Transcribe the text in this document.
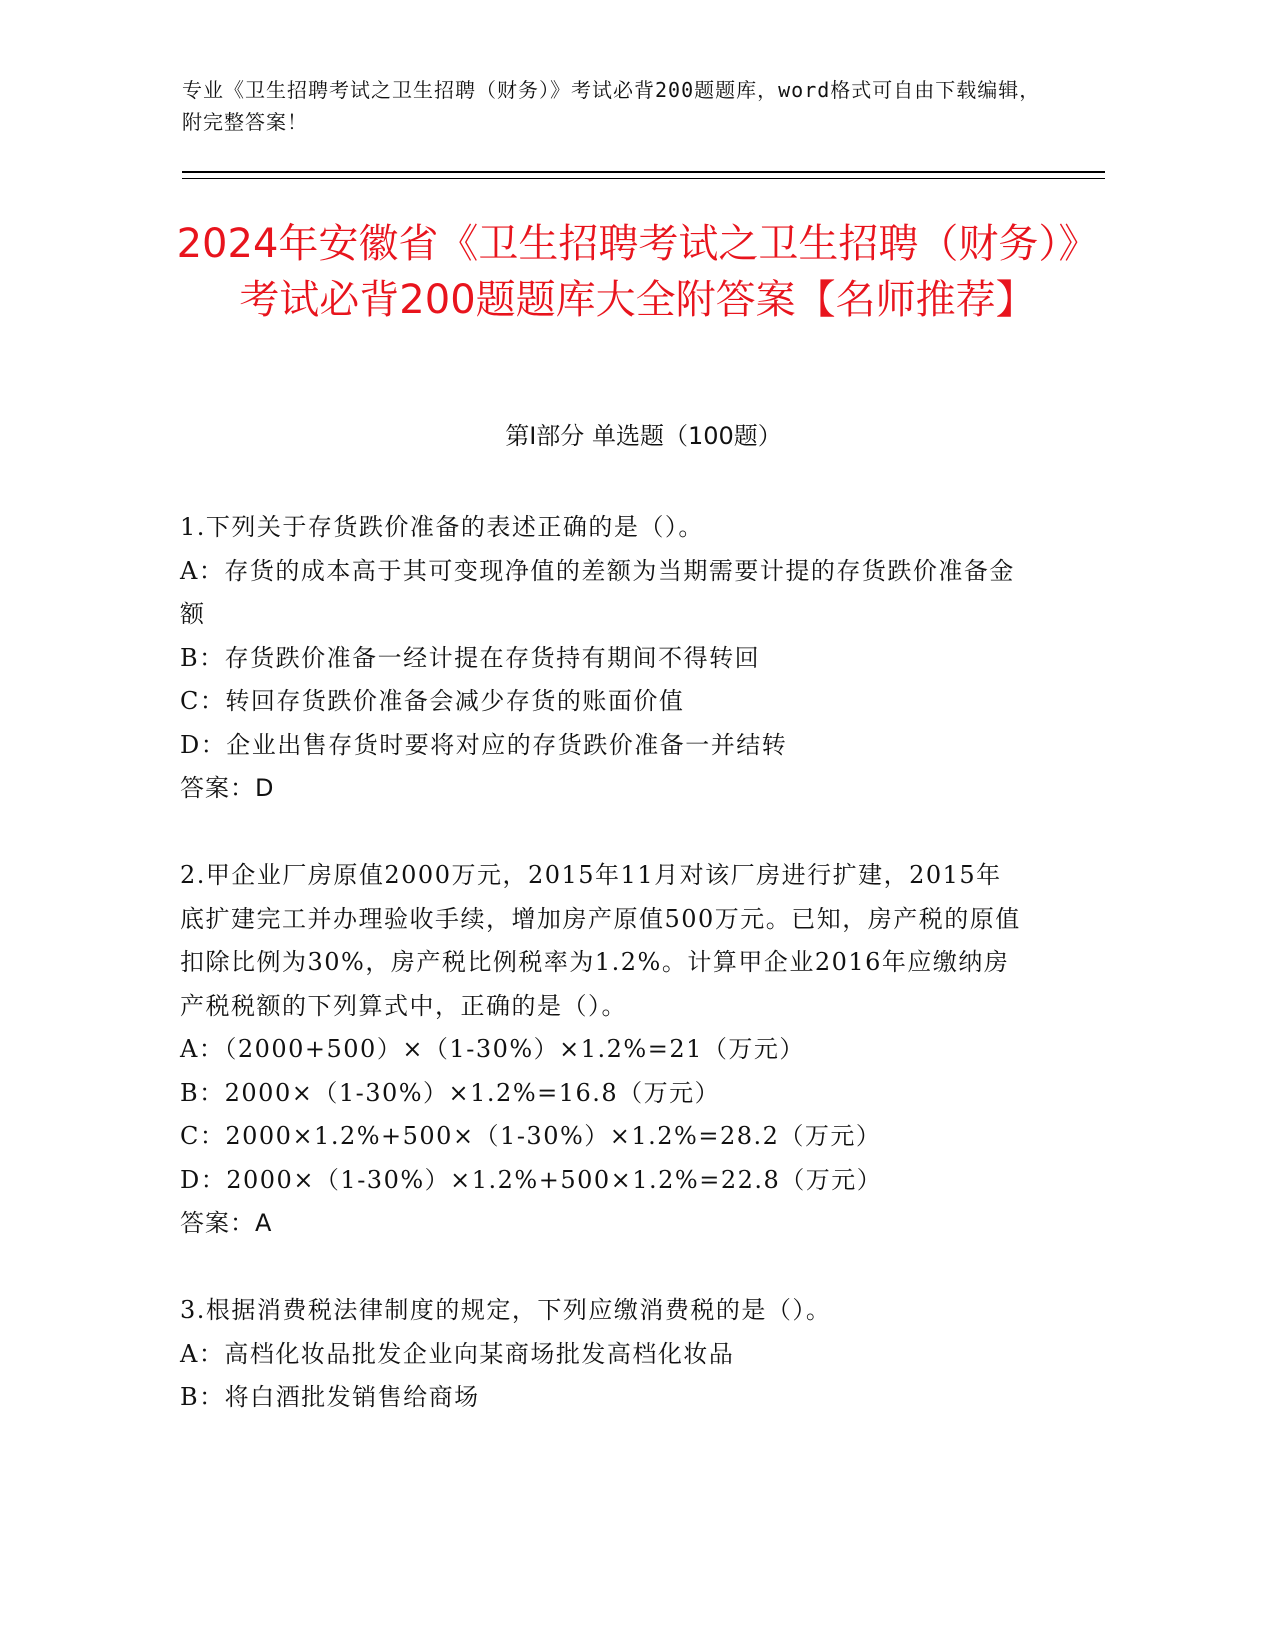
专业《卫生招聘考试之卫生招聘（财务）》考试必背200题题库，word格式可自由下载编辑，附完整答案！

2024年安徽省《卫生招聘考试之卫生招聘（财务）》考试必背200题题库大全附答案【名师推荐】
第I部分 单选题（100题）

1.下列关于存货跌价准备的表述正确的是（）。

A：存货的成本高于其可变现净值的差额为当期需要计提的存货跌价准备金额

B：存货跌价准备一经计提在存货持有期间不得转回

C：转回存货跌价准备会减少存货的账面价值

D：企业出售存货时要将对应的存货跌价准备一并结转

答案：D

2.甲企业厂房原值2000万元，2015年11月对该厂房进行扩建，2015年底扩建完工并办理验收手续，增加房产原值500万元。已知，房产税的原值扣除比例为30%，房产税比例税率为1.2%。计算甲企业2016年应缴纳房产税税额的下列算式中，正确的是（）。

A：（2000+500）×（1-30%）×1.2%=21（万元）

B：2000×（1-30%）×1.2%=16.8（万元）

C：2000×1.2%+500×（1-30%）×1.2%=28.2（万元）

D：2000×（1-30%）×1.2%+500×1.2%=22.8（万元）

答案：A

3.根据消费税法律制度的规定，下列应缴消费税的是（）。

A：高档化妆品批发企业向某商场批发高档化妆品

B：将白酒批发销售给商场
